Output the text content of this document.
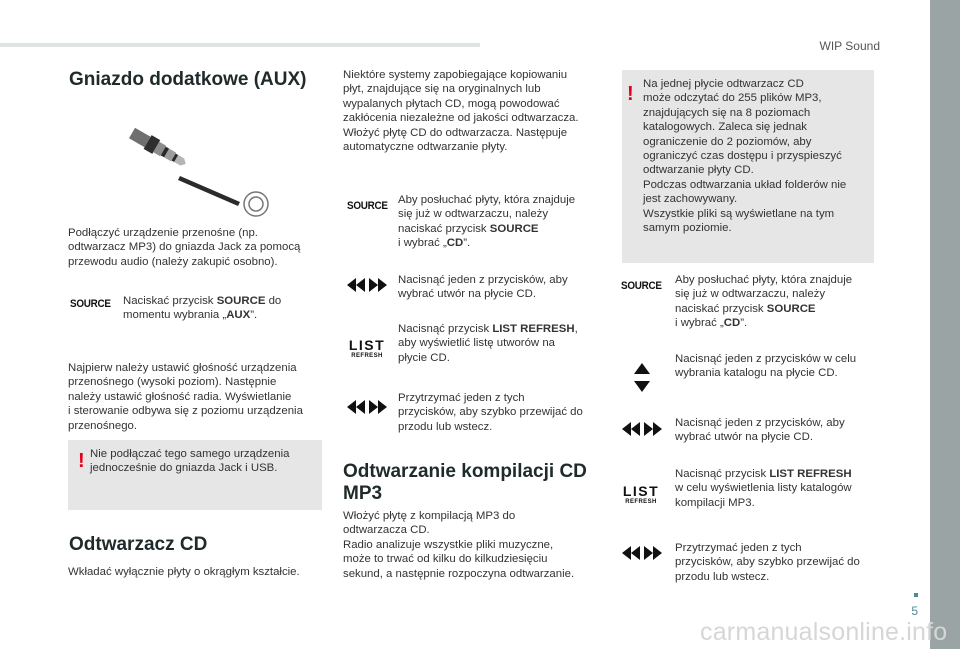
WIP Sound
Gniazdo dodatkowe (AUX)

Podłączyć urządzenie przenośne (np.
odtwarzacz MP3) do gniazda Jack za pomocą
przewodu audio (należy zakupić osobno).

SOURCE Naciskać przycisk SOURCE do
momentu wybrania „AUX”.

Najpierw należy ustawić głośność urządzenia
przenośnego (wysoki poziom). Następnie
należy ustawić głośność radia. Wyświetlanie
i sterowanie odbywa się z poziomu urządzenia
przenośnego.

! Nie podłączać tego samego urządzenia
jednocześnie do gniazda Jack i USB.

Odtwarzacz CD

Wkładać wyłącznie płyty o okrągłym kształcie.

Niektóre systemy zapobiegające kopiowaniu
płyt, znajdujące się na oryginalnych lub
wypalanych płytach CD, mogą powodować
zakłócenia niezależne od jakości odtwarzacza.
Włożyć płytę CD do odtwarzacza. Następuje
automatyczne odtwarzanie płyty.

SOURCE Aby posłuchać płyty, która znajduje
się już w odtwarzaczu, należy
naciskać przycisk SOURCE
i wybrać „CD”.

Nacisnąć jeden z przycisków, aby
wybrać utwór na płycie CD.

LIST
REFRESH

Nacisnąć przycisk LIST REFRESH,
aby wyświetlić listę utworów na
płycie CD.

Przytrzymać jeden z tych
przycisków, aby szybko przewijać do
przodu lub wstecz.

Odtwarzanie kompilacji CD
MP3

Włożyć płytę z kompilacją MP3 do
odtwarzacza CD.
Radio analizuje wszystkie pliki muzyczne,
może to trwać od kilku do kilkudziesięciu
sekund, a następnie rozpoczyna odtwarzanie.

! Na jednej płycie odtwarzacz CD
może odczytać do 255 plików MP3,
znajdujących się na 8 poziomach
katalogowych. Zaleca się jednak
ograniczenie do 2 poziomów, aby
ograniczyć czas dostępu i przyspieszyć
odtwarzanie płyty CD.
Podczas odtwarzania układ folderów nie
jest zachowywany.
Wszystkie pliki są wyświetlane na tym
samym poziomie.

SOURCE Aby posłuchać płyty, która znajduje
się już w odtwarzaczu, należy
naciskać przycisk SOURCE
i wybrać „CD”.

Nacisnąć jeden z przycisków w celu
wybrania katalogu na płycie CD.

Nacisnąć jeden z przycisków, aby
wybrać utwór na płycie CD.

LIST
REFRESH

Nacisnąć przycisk LIST REFRESH
w celu wyświetlenia listy katalogów
kompilacji MP3.

Przytrzymać jeden z tych
przycisków, aby szybko przewijać do
przodu lub wstecz.

5
carmanualsonline.info
